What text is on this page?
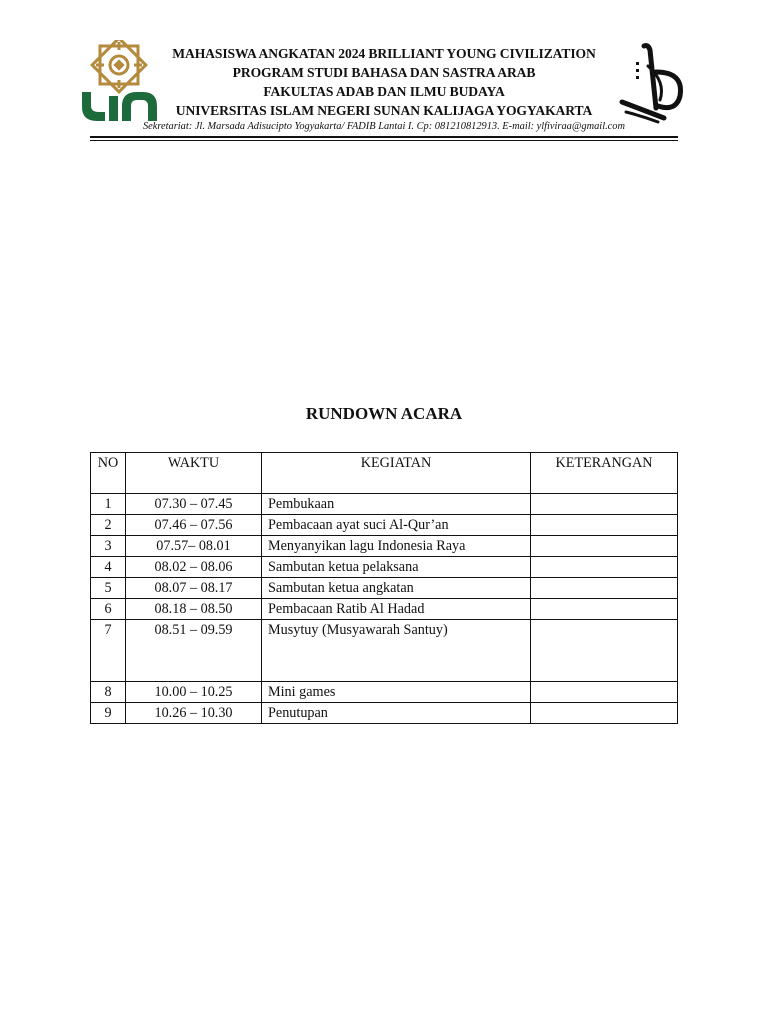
MAHASISWA ANGKATAN 2024 BRILLIANT YOUNG CIVILIZATION
PROGRAM STUDI BAHASA DAN SASTRA ARAB
FAKULTAS ADAB DAN ILMU BUDAYA
UNIVERSITAS ISLAM NEGERI SUNAN KALIJAGA YOGYAKARTA
Sekretariat: Jl. Marsada Adisucipto Yogyakarta/ FADIB Lantai I. Cp: 081210812913. E-mail: ylfiviraa@gmail.com
RUNDOWN ACARA
NO	WAKTU	KEGIATAN	KETERANGAN
1	07.30 – 07.45	Pembukaan	
2	07.46 – 07.56	Pembacaan ayat suci Al-Qur’an	
3	07.57– 08.01	Menyanyikan lagu Indonesia Raya	
4	08.02 – 08.06	Sambutan ketua pelaksana	
5	08.07 – 08.17	Sambutan ketua angkatan	
6	08.18 – 08.50	Pembacaan Ratib Al Hadad	
7	08.51 – 09.59	Musytuy (Musyawarah Santuy)	
8	10.00 – 10.25	Mini games	
9	10.26 – 10.30	Penutupan	
